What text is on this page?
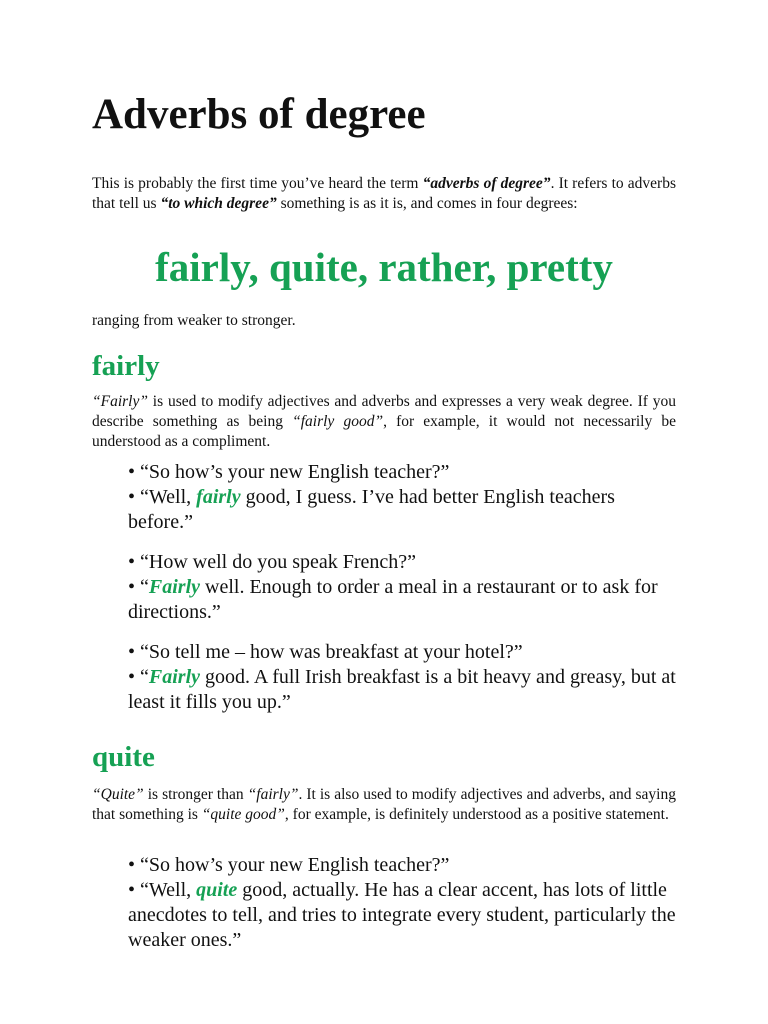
Adverbs of degree

This is probably the first time you’ve heard the term “adverbs of degree”. It refers to adverbs that tell us “to which degree” something is as it is, and comes in four degrees:

fairly, quite, rather, pretty

ranging from weaker to stronger.

fairly

“Fairly” is used to modify adjectives and adverbs and expresses a very weak degree. If you describe something as being “fairly good”, for example, it would not necessarily be understood as a compliment.

• “So how’s your new English teacher?”
• “Well, fairly good, I guess. I’ve had better English teachers before.”
• “How well do you speak French?”
• “Fairly well. Enough to order a meal in a restaurant or to ask for directions.”
• “So tell me – how was breakfast at your hotel?”
• “Fairly good. A full Irish breakfast is a bit heavy and greasy, but at least it fills you up.”
quite

“Quite” is stronger than “fairly”. It is also used to modify adjectives and adverbs, and saying that something is “quite good”, for example, is definitely understood as a positive statement.

• “So how’s your new English teacher?”
• “Well, quite good, actually. He has a clear accent, has lots of little anecdotes to tell, and tries to integrate every student, particularly the weaker ones.”
